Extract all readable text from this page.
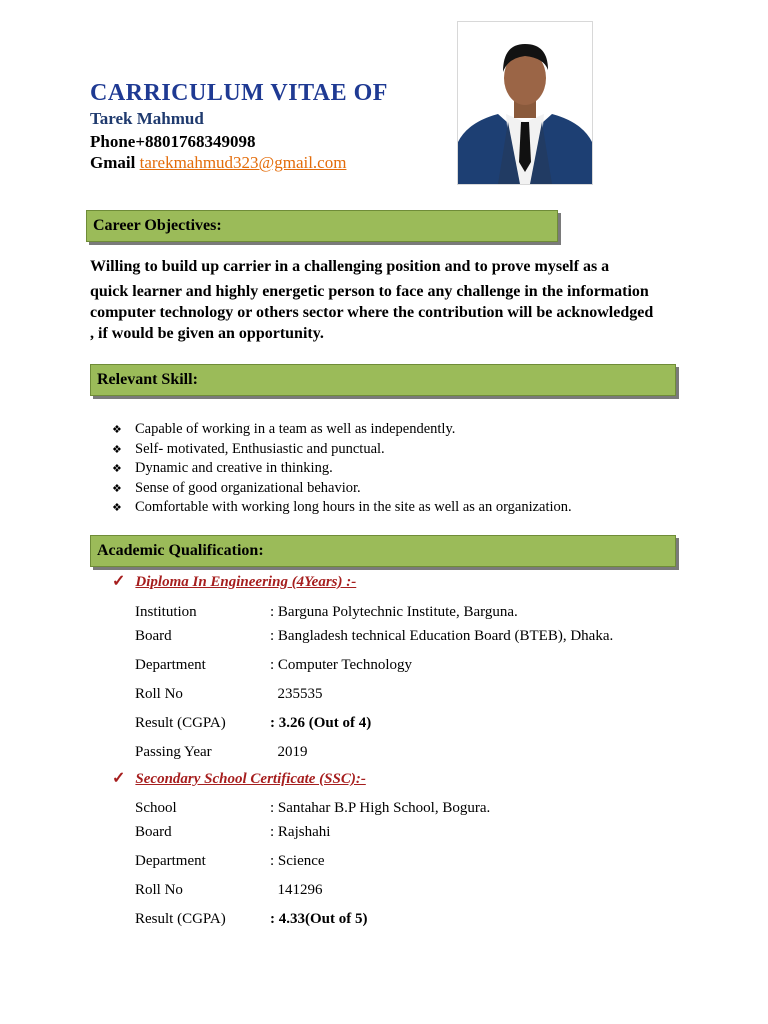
CARRICULUM VITAE OF
Tarek Mahmud
Phone+8801768349098
Gmail tarekmahmud323@gmail.com
Career Objectives:
Willing to build up carrier in a challenging position and to prove myself as a
quick learner and highly energetic person to face any challenge in the information
computer technology or others sector where the contribution will be acknowledged
, if would be given an opportunity.
Relevant Skill:
❖ Capable of working in a team as well as independently.
❖ Self- motivated, Enthusiastic and punctual.
❖ Dynamic and creative in thinking.
❖ Sense of good organizational behavior.
❖ Comfortable with working long hours in the site as well as an organization.
Academic Qualification:
✓ Diploma In Engineering (4Years) :-
Institution	: Barguna Polytechnic Institute, Barguna.
Board	: Bangladesh technical Education Board (BTEB), Dhaka.
Department	: Computer Technology
Roll No	235535
Result (CGPA)	: 3.26 (Out of 4)
Passing Year	2019
✓ Secondary School Certificate (SSC):-
School	: Santahar B.P High School, Bogura.
Board	: Rajshahi
Department	: Science
Roll No	141296
Result (CGPA)	: 4.33(Out of 5)
